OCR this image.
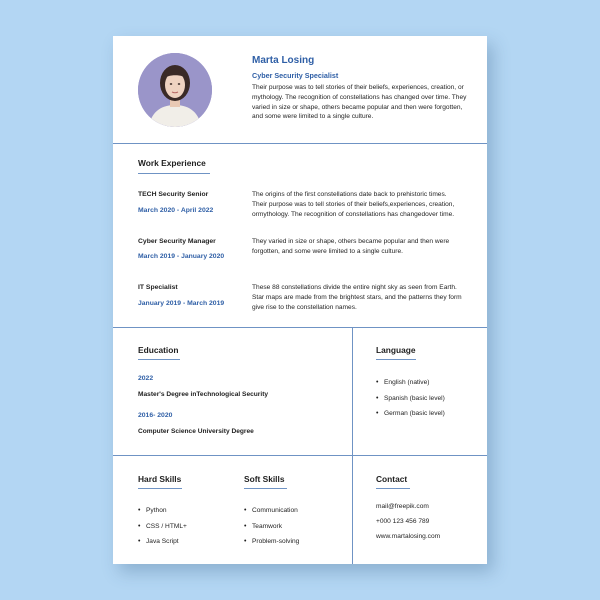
Marta Losing
Cyber Security Specialist
Their purpose was to tell stories of their beliefs, experiences, creation, or mythology. The recognition of constellations has changed over time. They varied in size or shape, others became popular and then were forgotten, and some were limited to a single culture.
Work Experience
TECH Security Senior
March 2020 - April 2022
The origins of the first constellations date back to prehistoric times. Their purpose was to tell stories of their beliefs,experiences, creation, ormythology. The recognition of constellations has changedover time.
Cyber Security Manager
March 2019 - January 2020
They varied in size or shape, others became popular and then were forgotten, and some were limited to a single culture.
IT Specialist
January 2019 - March 2019
These 88 constellations divide the entire night sky as seen from Earth. Star maps are made from the brightest stars, and the patterns they form give rise to the constellation names.
Education
2022
Master's Degree inTechnological Security
2016- 2020
Computer Science University Degree
Language
• English (native)
• Spanish (basic level)
• German (basic level)
Hard Skills
• Python
• CSS / HTML+
• Java Script
Soft Skills
• Communication
• Teamwork
• Problem-solving
Contact
mail@freepik.com
+000 123 456 789
www.martalosing.com
